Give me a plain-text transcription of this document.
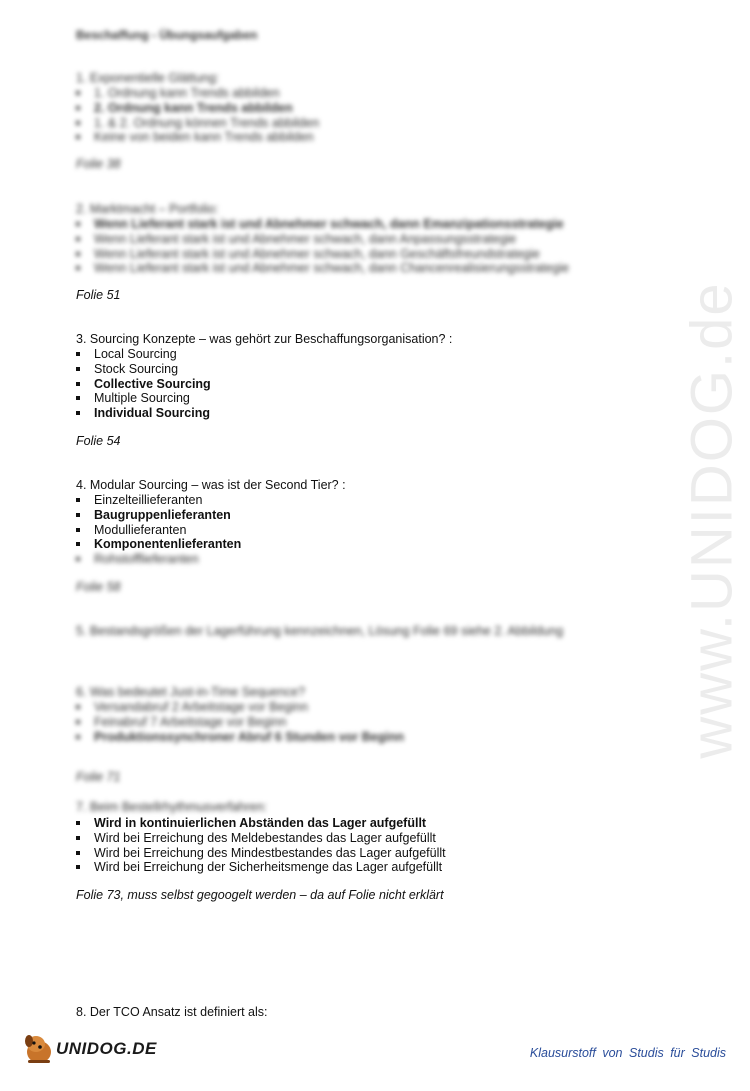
www.UNIDOG.de
Beschaffung - Übungsaufgaben
1. Exponentielle Glättung:
1. Ordnung kann Trends abbilden
2. Ordnung kann Trends abbilden
1. & 2. Ordnung können Trends abbilden
Keine von beiden kann Trends abbilden
Folie 38
2. Marktmacht – Portfolio:
Wenn Lieferant stark ist und Abnehmer schwach, dann Emanzipationsstrategie
Wenn Lieferant stark ist und Abnehmer schwach, dann Anpassungsstrategie
Wenn Lieferant stark ist und Abnehmer schwach, dann Geschäftsfreundstrategie
Wenn Lieferant stark ist und Abnehmer schwach, dann Chancenrealisierungsstrategie
Folie 51
3. Sourcing Konzepte – was gehört zur Beschaffungsorganisation? :
Local Sourcing
Stock Sourcing
Collective Sourcing
Multiple Sourcing
Individual Sourcing
Folie 54
4. Modular Sourcing – was ist der Second Tier? :
Einzelteillieferanten
Baugruppenlieferanten
Modullieferanten
Komponentenlieferanten
Rohstofflieferanten
Folie 58
5. Bestandsgrößen der Lagerführung kennzeichnen, Lösung Folie 69 siehe 2. Abbildung
6. Was bedeutet Just-in-Time Sequence?
Versandabruf 2 Arbeitstage vor Beginn
Feinabruf 7 Arbeitstage vor Beginn
Produktionssynchroner Abruf 6 Stunden vor Beginn
Folie 71
7. Beim Bestellrhythmusverfahren:
Wird in kontinuierlichen Abständen das Lager aufgefüllt
Wird bei Erreichung des Meldebestandes das Lager aufgefüllt
Wird bei Erreichung des Mindestbestandes das Lager aufgefüllt
Wird bei Erreichung der Sicherheitsmenge das Lager aufgefüllt
Folie 73, muss selbst gegoogelt werden – da auf Folie nicht erklärt
8. Der TCO Ansatz ist definiert als:
UNIDOG.DE	Klausurstoff von Studis für Studis
